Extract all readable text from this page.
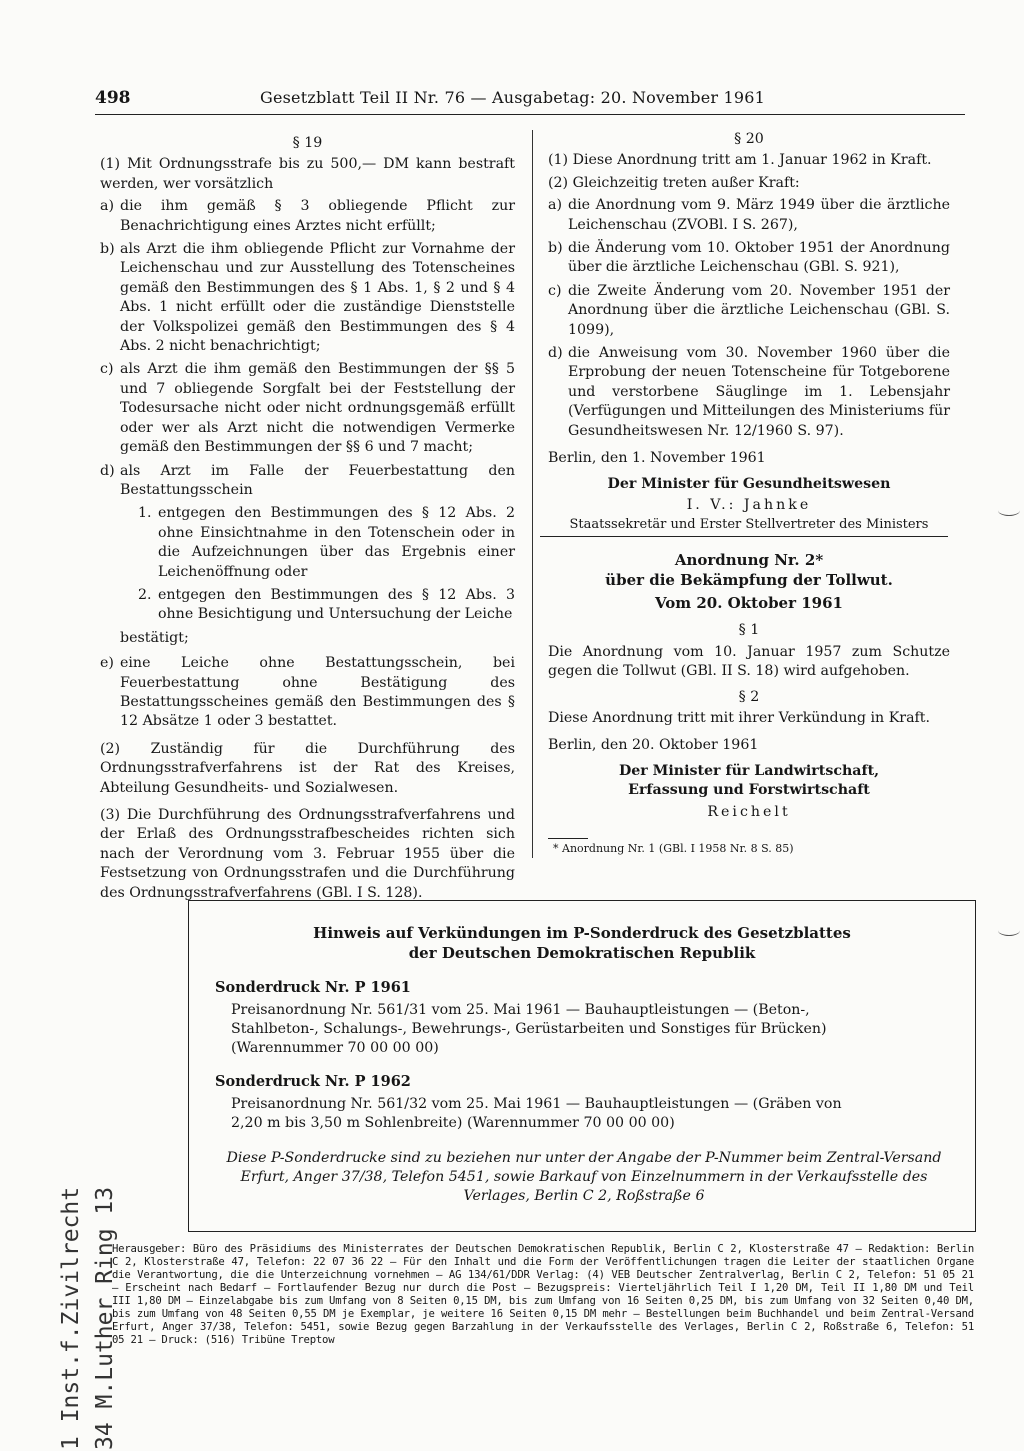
498	Gesetzblatt Teil II Nr. 76 — Ausgabetag: 20. November 1961

§ 19

(1) Mit Ordnungsstrafe bis zu 500,— DM kann bestraft werden, wer vorsätzlich

a) die ihm gemäß § 3 obliegende Pflicht zur Benachrichtigung eines Arztes nicht erfüllt;
b) als Arzt die ihm obliegende Pflicht zur Vornahme der Leichenschau und zur Ausstellung des Totenscheines gemäß den Bestimmungen des § 1 Abs. 1, § 2 und § 4 Abs. 1 nicht erfüllt oder die zuständige Dienststelle der Volkspolizei gemäß den Bestimmungen des § 4 Abs. 2 nicht benachrichtigt;
c) als Arzt die ihm gemäß den Bestimmungen der §§ 5 und 7 obliegende Sorgfalt bei der Feststellung der Todesursache nicht oder nicht ordnungsgemäß erfüllt oder wer als Arzt nicht die notwendigen Vermerke gemäß den Bestimmungen der §§ 6 und 7 macht;
d) als Arzt im Falle der Feuerbestattung den Bestattungsschein
1. entgegen den Bestimmungen des § 12 Abs. 2 ohne Einsichtnahme in den Totenschein oder in die Aufzeichnungen über das Ergebnis einer Leichenöffnung oder
2. entgegen den Bestimmungen des § 12 Abs. 3 ohne Besichtigung und Untersuchung der Leiche

bestätigt;

e) eine Leiche ohne Bestattungsschein, bei Feuerbestattung ohne Bestätigung des Bestattungsscheines gemäß den Bestimmungen des § 12 Absätze 1 oder 3 bestattet.

(2) Zuständig für die Durchführung des Ordnungsstrafverfahrens ist der Rat des Kreises, Abteilung Gesundheits- und Sozialwesen.

(3) Die Durchführung des Ordnungsstrafverfahrens und der Erlaß des Ordnungsstrafbescheides richten sich nach der Verordnung vom 3. Februar 1955 über die Festsetzung von Ordnungsstrafen und die Durchführung des Ordnungsstrafverfahrens (GBl. I S. 128).

§ 20

(1) Diese Anordnung tritt am 1. Januar 1962 in Kraft.

(2) Gleichzeitig treten außer Kraft:

a) die Anordnung vom 9. März 1949 über die ärztliche Leichenschau (ZVOBl. I S. 267),
b) die Änderung vom 10. Oktober 1951 der Anordnung über die ärztliche Leichenschau (GBl. S. 921),
c) die Zweite Änderung vom 20. November 1951 der Anordnung über die ärztliche Leichenschau (GBl. S. 1099),
d) die Anweisung vom 30. November 1960 über die Erprobung der neuen Totenscheine für Totgeborene und verstorbene Säuglinge im 1. Lebensjahr (Verfügungen und Mitteilungen des Ministeriums für Gesundheitswesen Nr. 12/1960 S. 97).

Berlin, den 1. November 1961

Der Minister für Gesundheitswesen

I. V.: Jahnke

Staatssekretär und Erster Stellvertreter des Ministers

Anordnung Nr. 2*

über die Bekämpfung der Tollwut.

Vom 20. Oktober 1961

§ 1

Die Anordnung vom 10. Januar 1957 zum Schutze gegen die Tollwut (GBl. II S. 18) wird aufgehoben.

§ 2

Diese Anordnung tritt mit ihrer Verkündung in Kraft.

Berlin, den 20. Oktober 1961

Der Minister für Landwirtschaft,

Erfassung und Forstwirtschaft

Reichelt

* Anordnung Nr. 1 (GBl. I 1958 Nr. 8 S. 85)
Hinweis auf Verkündungen im P-Sonderdruck des Gesetzblattes
der Deutschen Demokratischen Republik
Sonderdruck Nr. P 1961
Preisanordnung Nr. 561/31 vom 25. Mai 1961 — Bauhauptleistungen — (Beton-, Stahlbeton-, Schalungs-, Bewehrungs-, Gerüstarbeiten und Sonstiges für Brücken) (Warennummer 70 00 00 00)
Sonderdruck Nr. P 1962
Preisanordnung Nr. 561/32 vom 25. Mai 1961 — Bauhauptleistungen — (Gräben von 2,20 m bis 3,50 m Sohlenbreite) (Warennummer 70 00 00 00)
Diese P-Sonderdrucke sind zu beziehen nur unter der Angabe der P-Nummer beim Zentral-Versand Erfurt, Anger 37/38, Telefon 5451, sowie Barkauf von Einzelnummern in der Verkaufsstelle des Verlages, Berlin C 2, Roßstraße 6
Herausgeber: Büro des Präsidiums des Ministerrates der Deutschen Demokratischen Republik, Berlin C 2, Klosterstraße 47 — Redaktion: Berlin C 2, Klosterstraße 47, Telefon: 22 07 36 22 — Für den Inhalt und die Form der Veröffentlichungen tragen die Leiter der staatlichen Organe die Verantwortung, die die Unterzeichnung vornehmen — AG 134/61/DDR Verlag: (4) VEB Deutscher Zentralverlag, Berlin C 2, Telefon: 51 05 21 — Erscheint nach Bedarf — Fortlaufender Bezug nur durch die Post — Bezugspreis: Vierteljährlich Teil I 1,20 DM, Teil II 1,80 DM und Teil III 1,80 DM — Einzelabgabe bis zum Umfang von 8 Seiten 0,15 DM, bis zum Umfang von 16 Seiten 0,25 DM, bis zum Umfang von 32 Seiten 0,40 DM, bis zum Umfang von 48 Seiten 0,55 DM je Exemplar, je weitere 16 Seiten 0,15 DM mehr — Bestellungen beim Buchhandel und beim Zentral-Versand Erfurt, Anger 37/38, Telefon: 5451, sowie Bezug gegen Barzahlung in der Verkaufsstelle des Verlages, Berlin C 2, Roßstraße 6, Telefon: 51 05 21 — Druck: (516) Tribüne Treptow
1 Inst.f.Zivilrecht 34 M.Luther Ring 13
